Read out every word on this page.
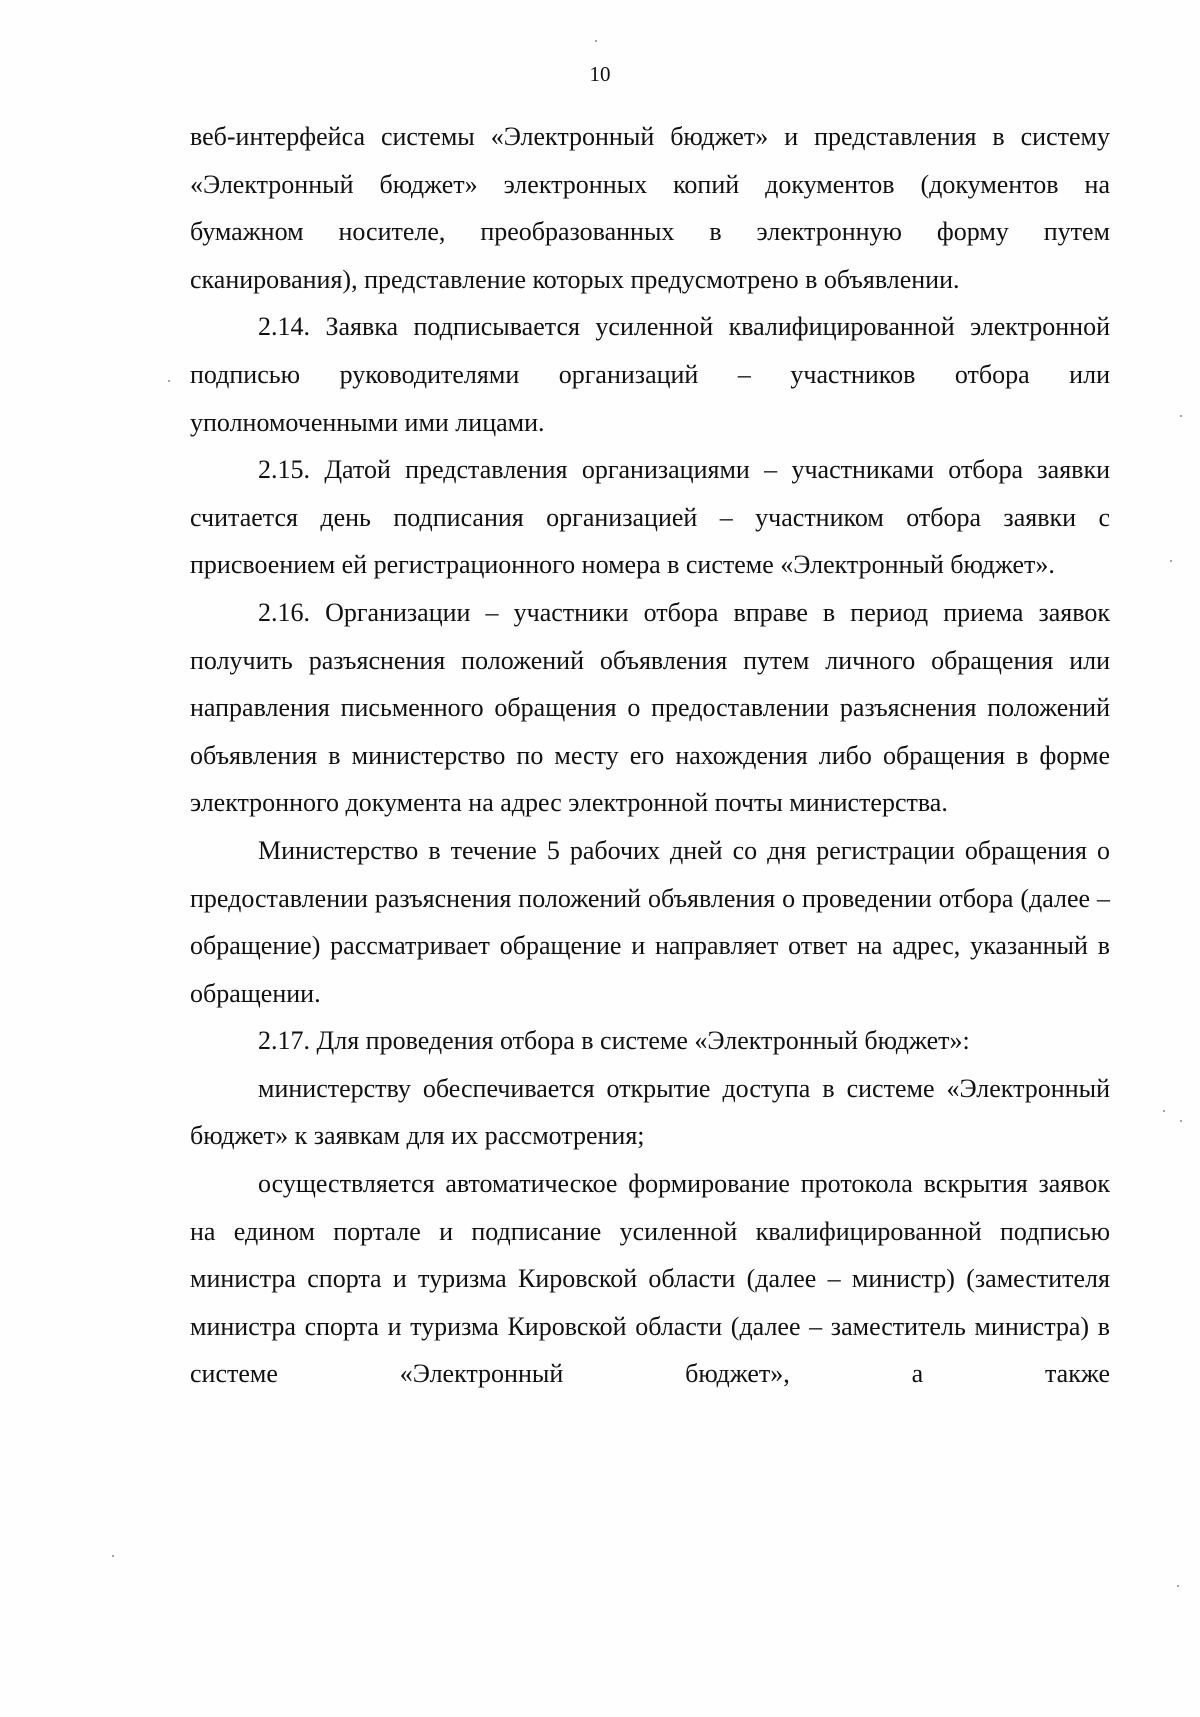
10

веб-интерфейса системы «Электронный бюджет» и представления в систему «Электронный бюджет» электронных копий документов (документов на бумажном носителе, преобразованных в электронную форму путем сканирования), представление которых предусмотрено в объявлении.

2.14. Заявка подписывается усиленной квалифицированной электронной подписью руководителями организаций – участников отбора или уполномоченными ими лицами.

2.15. Датой представления организациями – участниками отбора заявки считается день подписания организацией – участником отбора заявки с присвоением ей регистрационного номера в системе «Электронный бюджет».

2.16. Организации – участники отбора вправе в период приема заявок получить разъяснения положений объявления путем личного обращения или направления письменного обращения о предоставлении разъяснения положений объявления в министерство по месту его нахождения либо обращения в форме электронного документа на адрес электронной почты министерства.

Министерство в течение 5 рабочих дней со дня регистрации обращения о предоставлении разъяснения положений объявления о проведении отбора (далее – обращение) рассматривает обращение и направляет ответ на адрес, указанный в обращении.

2.17. Для проведения отбора в системе «Электронный бюджет»:

министерству обеспечивается открытие доступа в системе «Электронный бюджет» к заявкам для их рассмотрения;

осуществляется автоматическое формирование протокола вскрытия заявок на едином портале и подписание усиленной квалифицированной подписью министра спорта и туризма Кировской области (далее – министр) (заместителя министра спорта и туризма Кировской области (далее – заместитель министра) в системе «Электронный бюджет», а также
